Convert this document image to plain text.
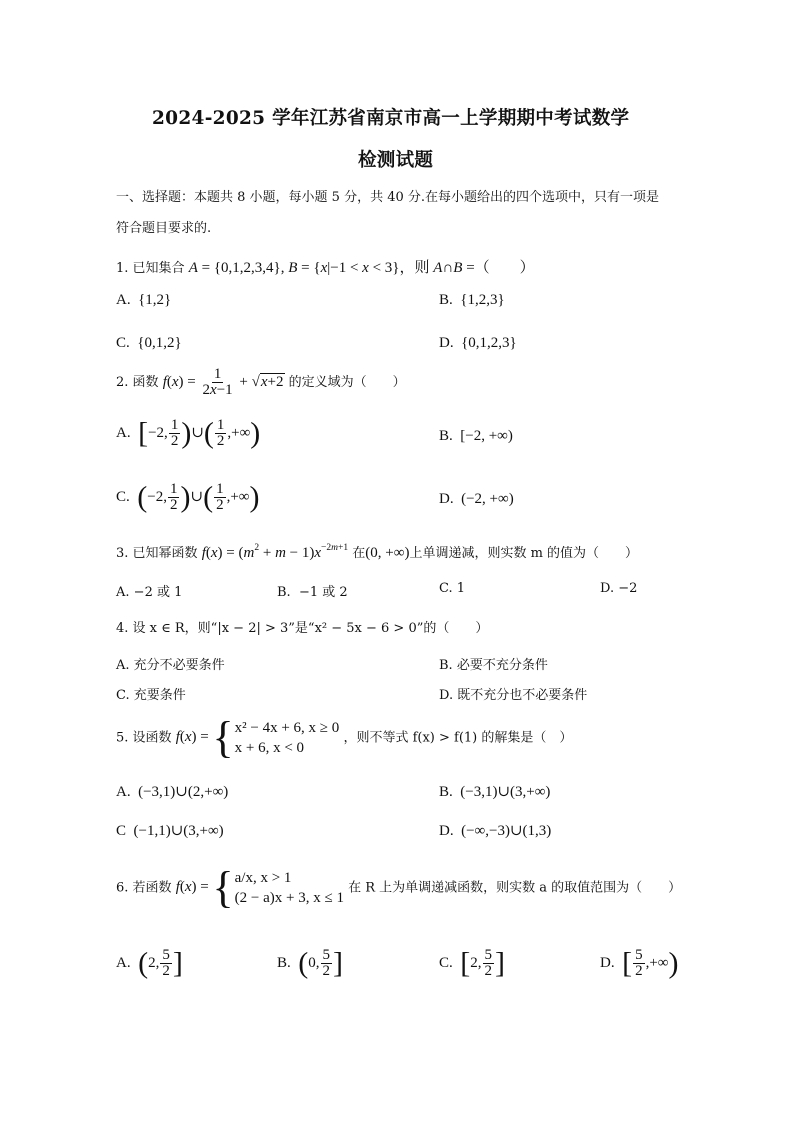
2024-2025 学年江苏省南京市高一上学期期中考试数学
检测试题
一、选择题：本题共 8 小题，每小题 5 分，共 40 分.在每小题给出的四个选项中，只有一项是
符合题目要求的.
1. 已知集合 A = {0,1,2,3,4}, B = {x|−1 < x < 3}，则 A∩B =（　　）
A. {1,2}	B. {1,2,3}
C. {0,1,2}	D. {0,1,2,3}
2. 函数 $f(x) = \frac{1}{2x-1} + √x+2$ 的定义域为（　　）
A. [−2, $\frac{1}{2}$ )∪( $\frac{1}{2}$ ,+∞)	B. [−2, +∞)
C. (−2, $\frac{1}{2}$ )∪( $\frac{1}{2}$ ,+∞)	D. (−2, +∞)
3. 已知幂函数 $f(x) = (m^2 + m - 1)x^{-2m+1}$ 在(0, +∞)上单调递减，则实数 m 的值为（　　）
A. −2 或 1	B. −1 或 2	C. 1	D. −2
4. 设 x ∈ R，则“|x − 2| > 3”是“x² − 5x − 6 > 0”的（　　）
A. 充分不必要条件	B. 必要不充分条件
C. 充要条件	D. 既不充分也不必要条件
5. 设函数 f(x) = { x² − 4x + 6, x ≥ 0
x + 6, x < 0
，则不等式 f(x) > f(1) 的解集是（　）
A. (−3,1)∪(2,+∞)	B. (−3,1)∪(3,+∞)
C (−1,1)∪(3,+∞)	D. (−∞,−3)∪(1,3)
6. 若函数 f(x) = { a/x, x > 1
(2 − a)x + 3, x ≤ 1
在 R 上为单调递减函数，则实数 a 的取值范围为（　　）
A. (2, $\frac{5}{2}$ ]	B. (0, $\frac{5}{2}$ ]	C. [2, $\frac{5}{2}$ ]	D. [ $\frac{5}{2}$ ,+∞)
